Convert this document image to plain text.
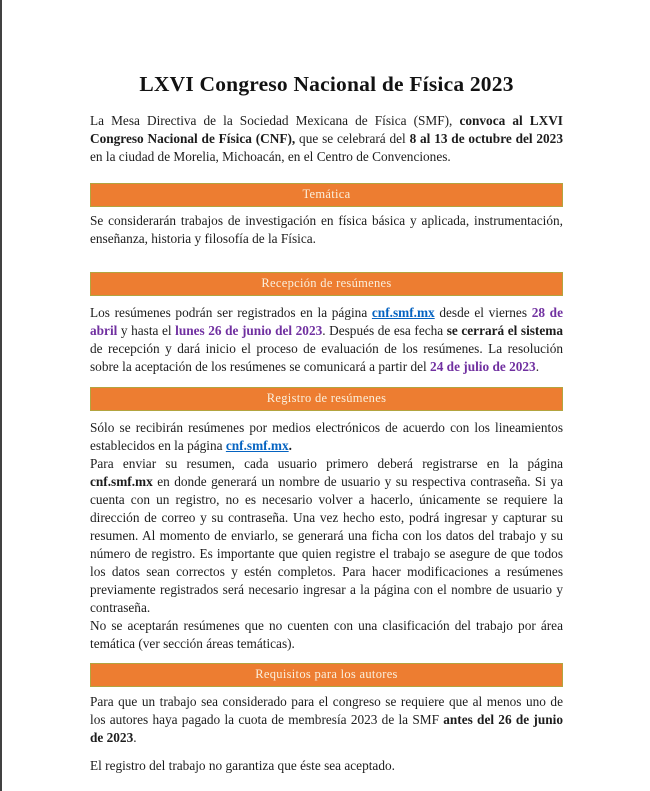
LXVI Congreso Nacional de Física 2023

La Mesa Directiva de la Sociedad Mexicana de Física (SMF), convoca al LXVI Congreso Nacional de Física (CNF), que se celebrará del 8 al 13 de octubre del 2023 en la ciudad de Morelia, Michoacán, en el Centro de Convenciones.

Temática

Se considerarán trabajos de investigación en física básica y aplicada, instrumentación, enseñanza, historia y filosofía de la Física.

Recepción de resúmenes

Los resúmenes podrán ser registrados en la página cnf.smf.mx desde el viernes 28 de abril y hasta el lunes 26 de junio del 2023. Después de esa fecha se cerrará el sistema de recepción y dará inicio el proceso de evaluación de los resúmenes. La resolución sobre la aceptación de los resúmenes se comunicará a partir del 24 de julio de 2023.

Registro de resúmenes

Sólo se recibirán resúmenes por medios electrónicos de acuerdo con los lineamientos establecidos en la página cnf.smf.mx.

Para enviar su resumen, cada usuario primero deberá registrarse en la página cnf.smf.mx en donde generará un nombre de usuario y su respectiva contraseña. Si ya cuenta con un registro, no es necesario volver a hacerlo, únicamente se requiere la dirección de correo y su contraseña. Una vez hecho esto, podrá ingresar y capturar su resumen. Al momento de enviarlo, se generará una ficha con los datos del trabajo y su número de registro. Es importante que quien registre el trabajo se asegure de que todos los datos sean correctos y estén completos. Para hacer modificaciones a resúmenes previamente registrados será necesario ingresar a la página con el nombre de usuario y contraseña.

No se aceptarán resúmenes que no cuenten con una clasificación del trabajo por área temática (ver sección áreas temáticas).

Requisitos para los autores

Para que un trabajo sea considerado para el congreso se requiere que al menos uno de los autores haya pagado la cuota de membresía 2023 de la SMF antes del 26 de junio de 2023.

El registro del trabajo no garantiza que éste sea aceptado.
